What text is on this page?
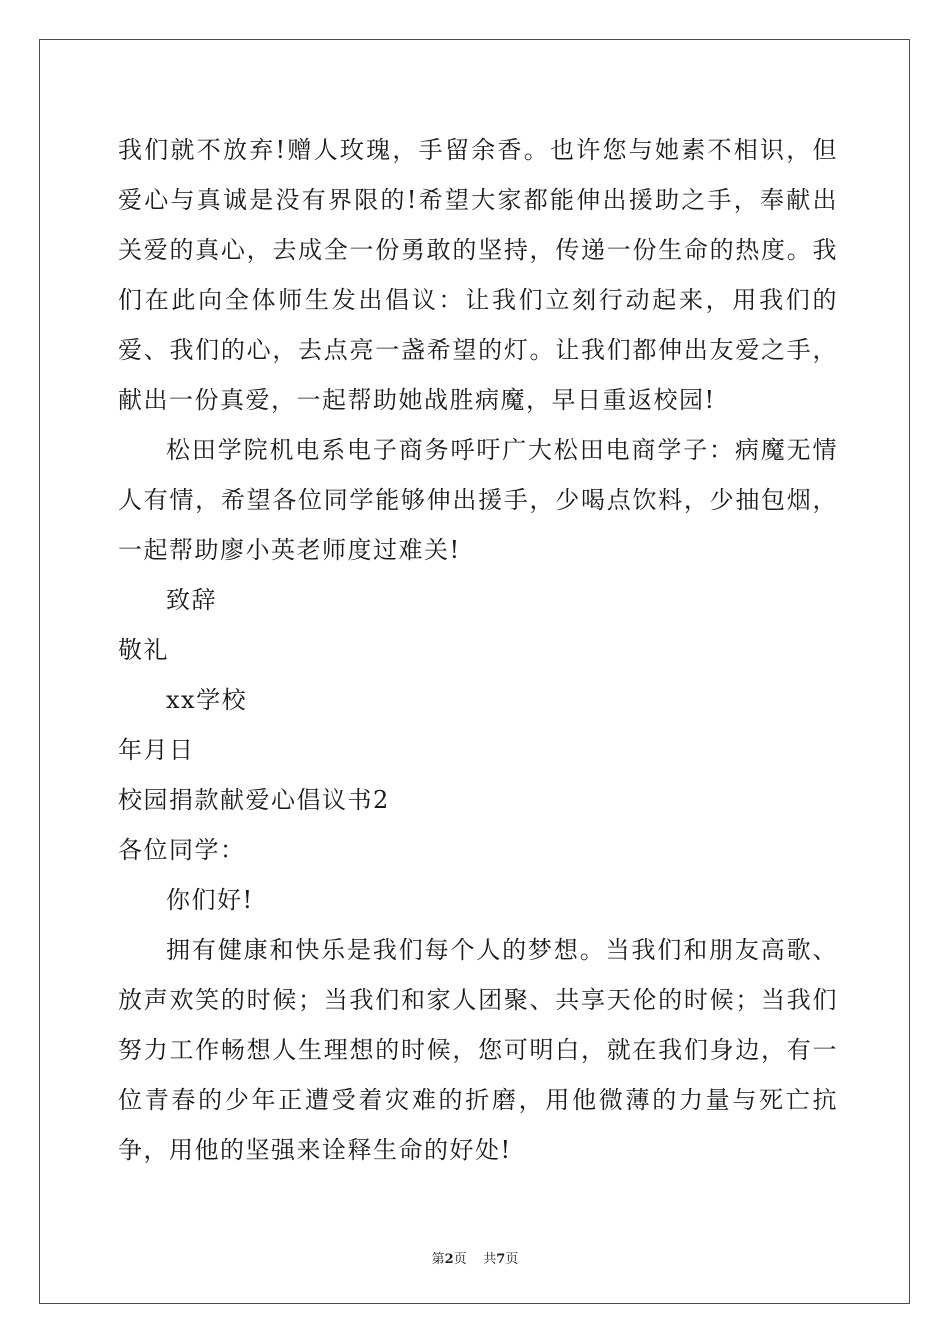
我们就不放弃!赠人玫瑰，手留余香。也许您与她素不相识，但爱心与真诚是没有界限的!希望大家都能伸出援助之手，奉献出关爱的真心，去成全一份勇敢的坚持，传递一份生命的热度。我们在此向全体师生发出倡议：让我们立刻行动起来，用我们的爱、我们的心，去点亮一盏希望的灯。让我们都伸出友爱之手，献出一份真爱，一起帮助她战胜病魔，早日重返校园!

松田学院机电系电子商务呼吁广大松田电商学子：病魔无情人有情，希望各位同学能够伸出援手，少喝点饮料，少抽包烟，一起帮助廖小英老师度过难关!

致辞

敬礼

xx学校

年月日

校园捐款献爱心倡议书2

各位同学：

你们好!

拥有健康和快乐是我们每个人的梦想。当我们和朋友高歌、放声欢笑的时候；当我们和家人团聚、共享天伦的时候；当我们努力工作畅想人生理想的时候，您可明白，就在我们身边，有一位青春的少年正遭受着灾难的折磨，用他微薄的力量与死亡抗争，用他的坚强来诠释生命的好处!

第2页 共7页
